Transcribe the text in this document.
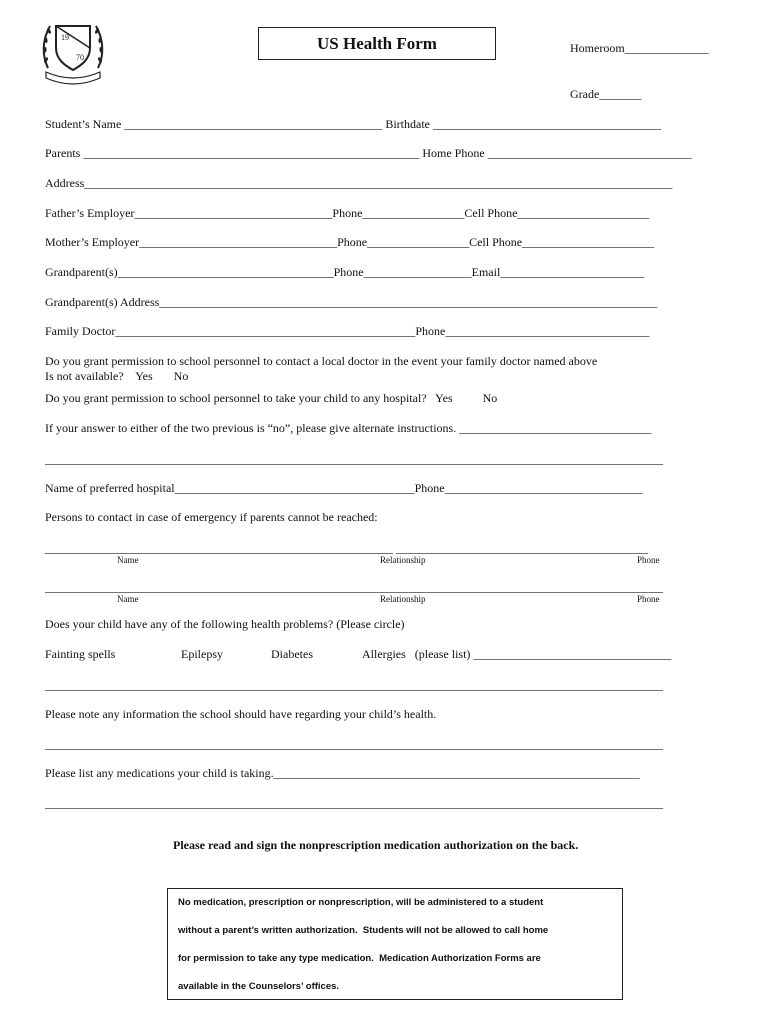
19
70
US Health Form	Homeroom______________
Grade_______
Student’s Name ___________________________________________ Birthdate ______________________________________
Parents ________________________________________________________ Home Phone __________________________________
Address__________________________________________________________________________________________________
Father’s Employer_________________________________Phone_________________Cell Phone______________________
Mother’s Employer_________________________________Phone_________________Cell Phone______________________
Grandparent(s)____________________________________Phone__________________Email________________________
Grandparent(s) Address___________________________________________________________________________________
Family Doctor__________________________________________________Phone__________________________________
Do you grant permission to school personnel to contact a local doctor in the event your family doctor named above
Is not available?    Yes       No
Do you grant permission to school personnel to take your child to any hospital?   Yes          No
If your answer to either of the two previous is “no”, please give alternate instructions. ________________________________
_______________________________________________________________________________________________________
Name of preferred hospital________________________________________Phone_________________________________
Persons to contact in case of emergency if parents cannot be reached:
__________________________________________________________ __________________________________________
Name	Relationship	Phone
_______________________________________________________________________________________________________
Name	Relationship	Phone
Does your child have any of the following health problems? (Please circle)
Fainting spells	Epilepsy	Diabetes	Allergies   (please list) _________________________________
_______________________________________________________________________________________________________
Please note any information the school should have regarding your child’s health.
_______________________________________________________________________________________________________
Please list any medications your child is taking._____________________________________________________________
_______________________________________________________________________________________________________
Please read and sign the nonprescription medication authorization on the back.
No medication, prescription or nonprescription, will be administered to a student
without a parent’s written authorization.  Students will not be allowed to call home
for permission to take any type medication.  Medication Authorization Forms are
available in the Counselors’ offices.
